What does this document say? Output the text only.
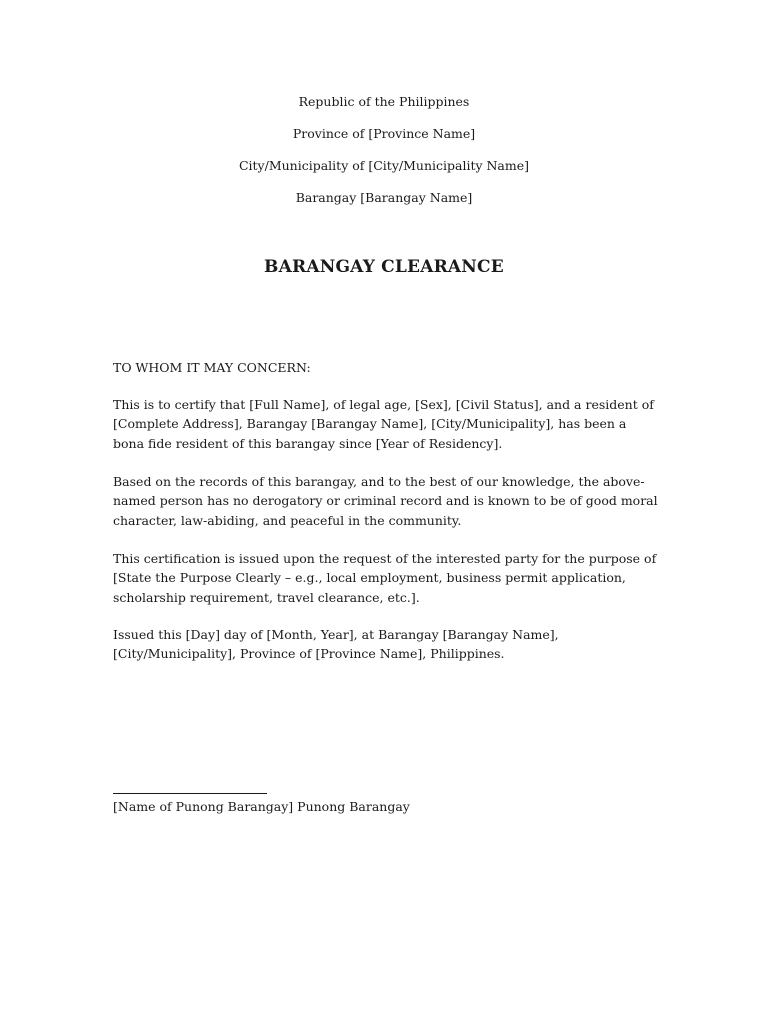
Republic of the Philippines
Province of [Province Name]
City/Municipality of [City/Municipality Name]
Barangay [Barangay Name]
BARANGAY CLEARANCE
TO WHOM IT MAY CONCERN:
This is to certify that [Full Name], of legal age, [Sex], [Civil Status], and a resident of [Complete Address], Barangay [Barangay Name], [City/Municipality], has been a bona fide resident of this barangay since [Year of Residency].
Based on the records of this barangay, and to the best of our knowledge, the above-named person has no derogatory or criminal record and is known to be of good moral character, law-abiding, and peaceful in the community.
This certification is issued upon the request of the interested party for the purpose of [State the Purpose Clearly – e.g., local employment, business permit application, scholarship requirement, travel clearance, etc.].
Issued this [Day] day of [Month, Year], at Barangay [Barangay Name], [City/Municipality], Province of [Province Name], Philippines.
[Name of Punong Barangay] Punong Barangay
